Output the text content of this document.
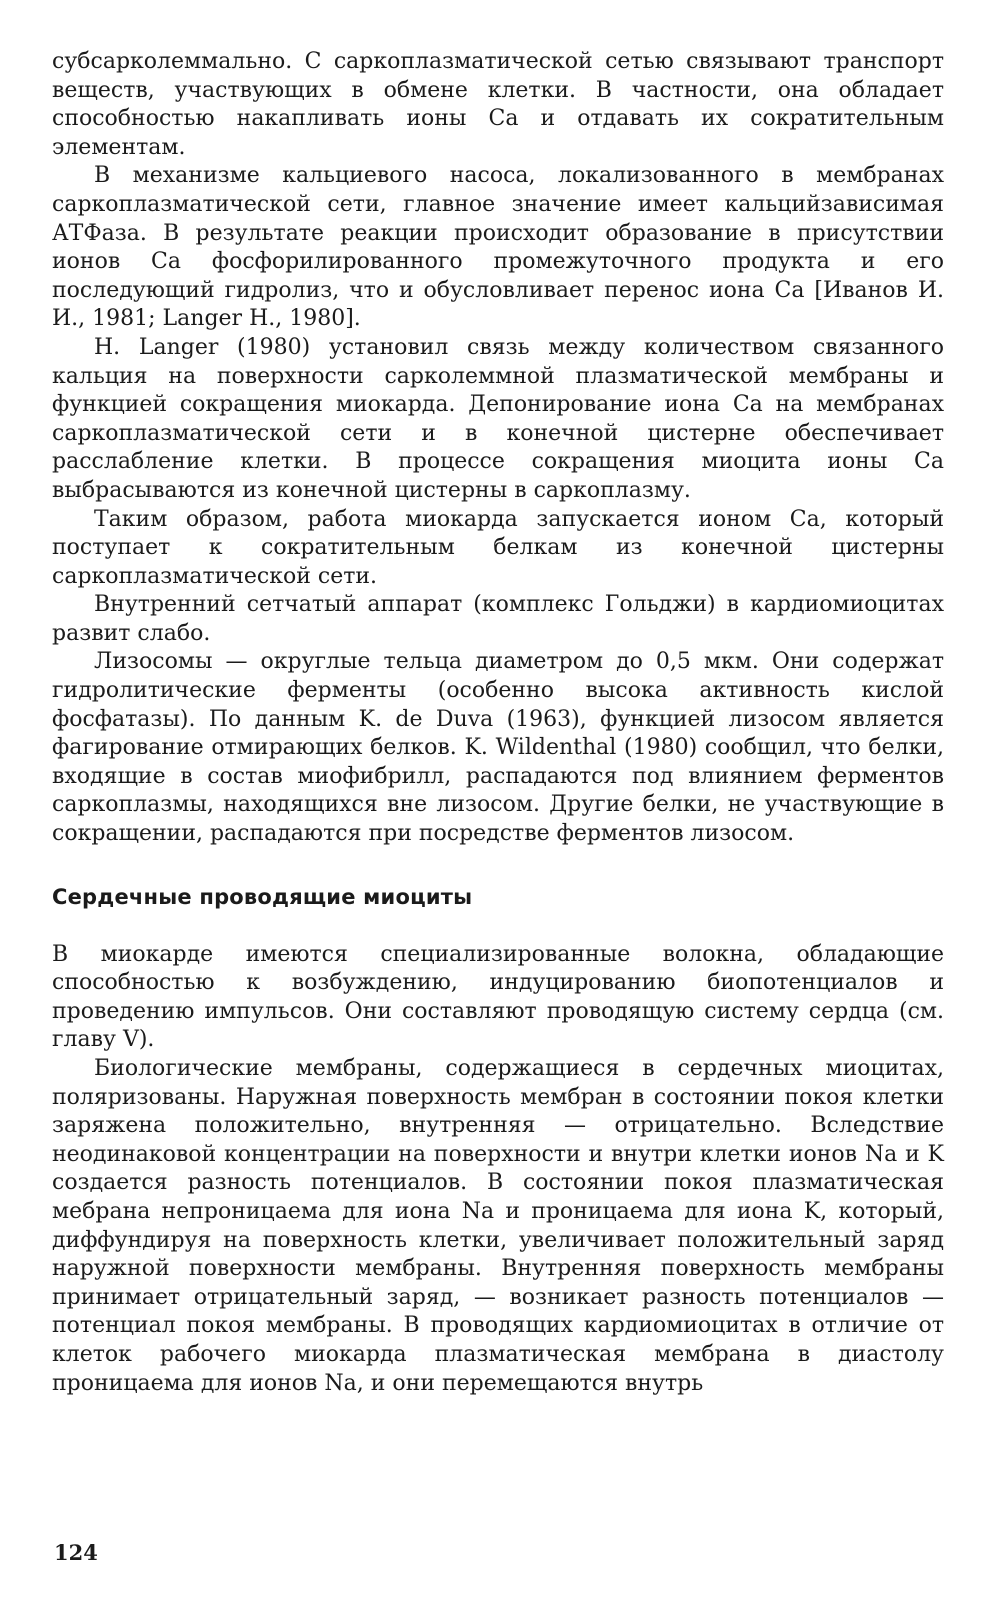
субсарколеммально. С саркоплазматической сетью связывают транспорт веществ, участвующих в обмене клетки. В частности, она обладает способностью накапливать ионы Са и отдавать их сократительным элементам.

В механизме кальциевого насоса, локализованного в мембранах саркоплазматической сети, главное значение имеет кальцийзависимая АТФаза. В результате реакции происходит образование в присутствии ионов Са фосфорилированного промежуточного продукта и его последующий гидролиз, что и обусловливает перенос иона Са [Иванов И. И., 1981; Langer H., 1980].

H. Langer (1980) установил связь между количеством связанного кальция на поверхности сарколеммной плазматической мембраны и функцией сокращения миокарда. Депонирование иона Са на мембранах саркоплазматической сети и в конечной цистерне обеспечивает расслабление клетки. В процессе сокращения миоцита ионы Са выбрасываются из конечной цистерны в саркоплазму.

Таким образом, работа миокарда запускается ионом Са, который поступает к сократительным белкам из конечной цистерны саркоплазматической сети.

Внутренний сетчатый аппарат (комплекс Гольджи) в кардиомиоцитах развит слабо.

Лизосомы — округлые тельца диаметром до 0,5 мкм. Они содержат гидролитические ферменты (особенно высока активность кислой фосфатазы). По данным K. de Duva (1963), функцией лизосом является фагирование отмирающих белков. K. Wildenthal (1980) сообщил, что белки, входящие в состав миофибрилл, распадаются под влиянием ферментов саркоплазмы, находящихся вне лизосом. Другие белки, не участвующие в сокращении, распадаются при посредстве ферментов лизосом.

Сердечные проводящие миоциты

В миокарде имеются специализированные волокна, обладающие способностью к возбуждению, индуцированию биопотенциалов и проведению импульсов. Они составляют проводящую систему сердца (см. главу V).

Биологические мембраны, содержащиеся в сердечных миоцитах, поляризованы. Наружная поверхность мембран в состоянии покоя клетки заряжена положительно, внутренняя — отрицательно. Вследствие неодинаковой концентрации на поверхности и внутри клетки ионов Na и K создается разность потенциалов. В состоянии покоя плазматическая мебрана непроницаема для иона Na и проницаема для иона K, который, диффундируя на поверхность клетки, увеличивает положительный заряд наружной поверхности мембраны. Внутренняя поверхность мембраны принимает отрицательный заряд, — возникает разность потенциалов — потенциал покоя мембраны. В проводящих кардиомиоцитах в отличие от клеток рабочего миокарда плазматическая мембрана в диастолу проницаема для ионов Na, и они перемещаются внутрь

124
